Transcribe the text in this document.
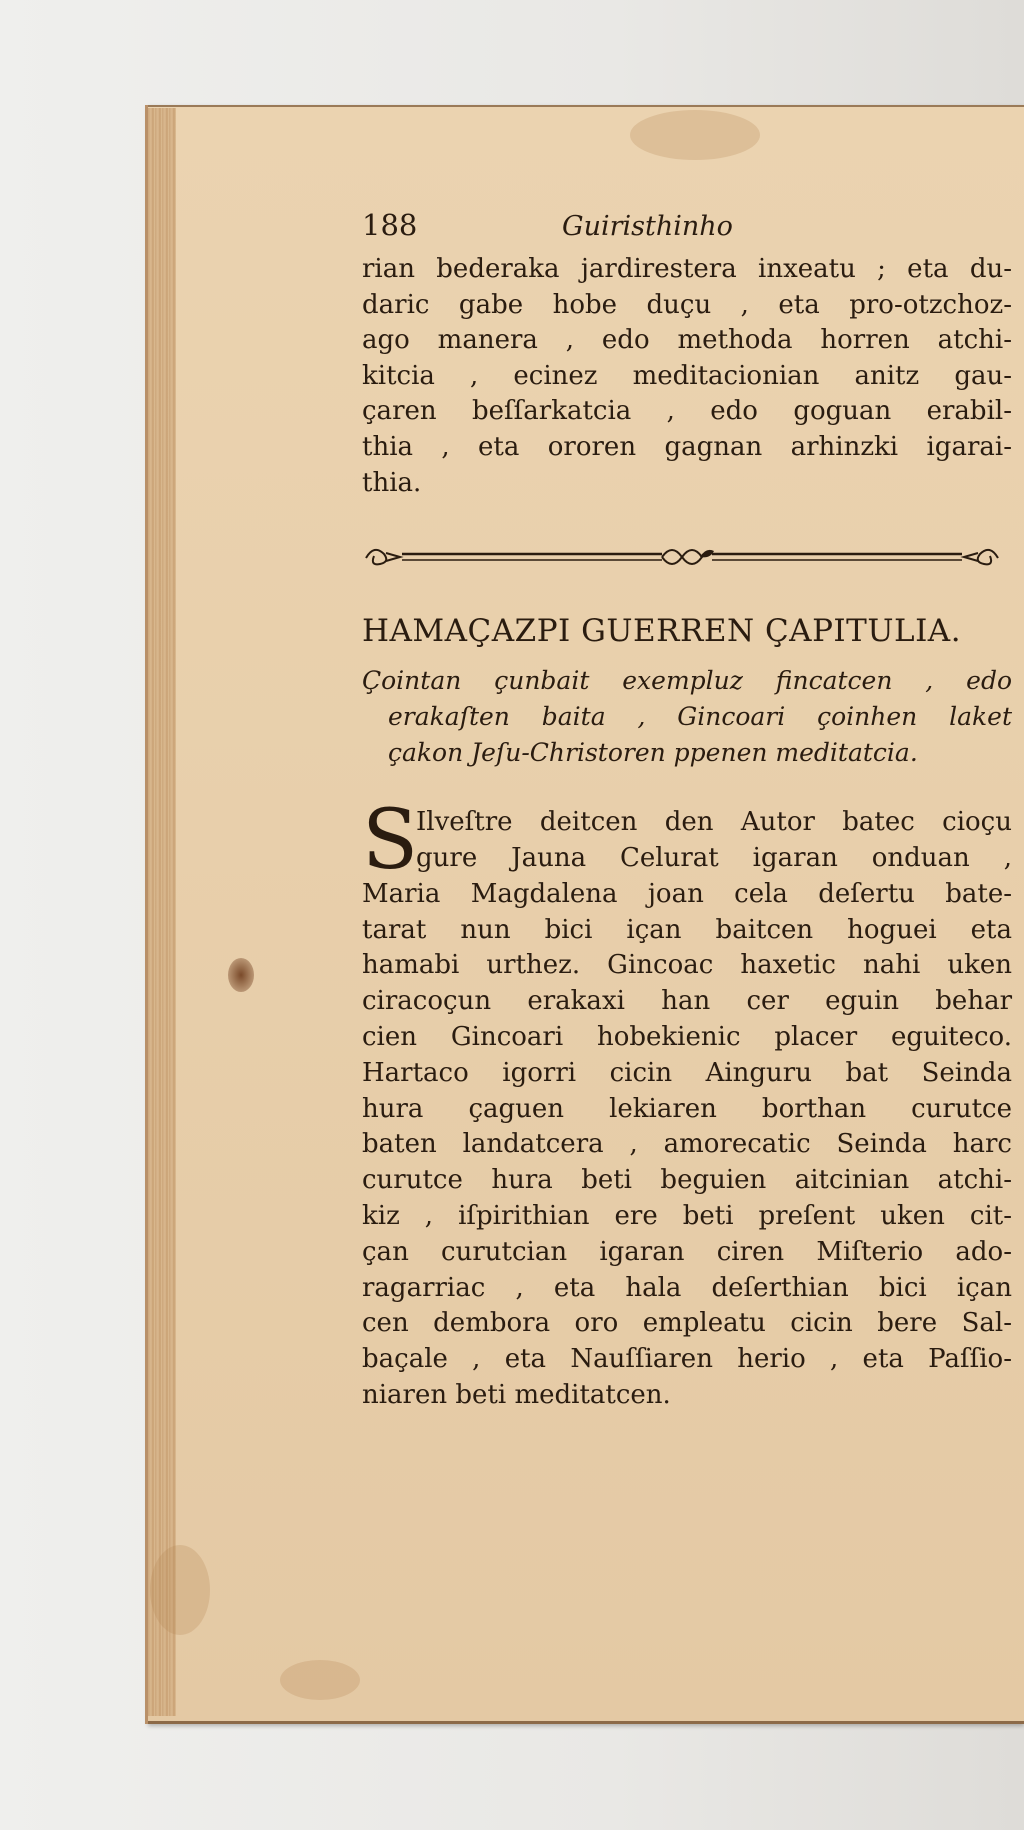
188	Guiristhinho
rian bederaka jardirestera inxeatu ; eta du-
daric gabe hobe duçu , eta pro-otzchoz-
ago manera , edo methoda horren atchi-
kitcia , ecinez meditacionian anitz gau-
çaren beſſarkatcia , edo goguan erabil-
thia , eta ororen gagnan arhinzki igarai-
thia.
HAMAÇAZPI GUERREN ÇAPITULIA.
Çointan çunbait exempluz fincatcen , edo
erakaſten baita , Gincoari çoinhen laket
çakon Jeſu-Christoren ppenen meditatcia.
S
Ilveſtre deitcen den Autor batec cioçu
gure Jauna Celurat igaran onduan ,
Maria Magdalena joan cela deſertu bate-
tarat nun bici içan baitcen hoguei eta
hamabi urthez. Gincoac haxetic nahi uken
ciracoçun erakaxi han cer eguin behar
cien Gincoari hobekienic placer eguiteco.
Hartaco igorri cicin Ainguru bat Seinda
hura çaguen lekiaren borthan curutce
baten landatcera , amorecatic Seinda harc
curutce hura beti beguien aitcinian atchi-
kiz , iſpirithian ere beti preſent uken cit-
çan curutcian igaran ciren Miſterio ado-
ragarriac , eta hala deſerthian bici içan
cen dembora oro empleatu cicin bere Sal-
baçale , eta Nauſſiaren herio , eta Paſſio-
niaren beti meditatcen.
